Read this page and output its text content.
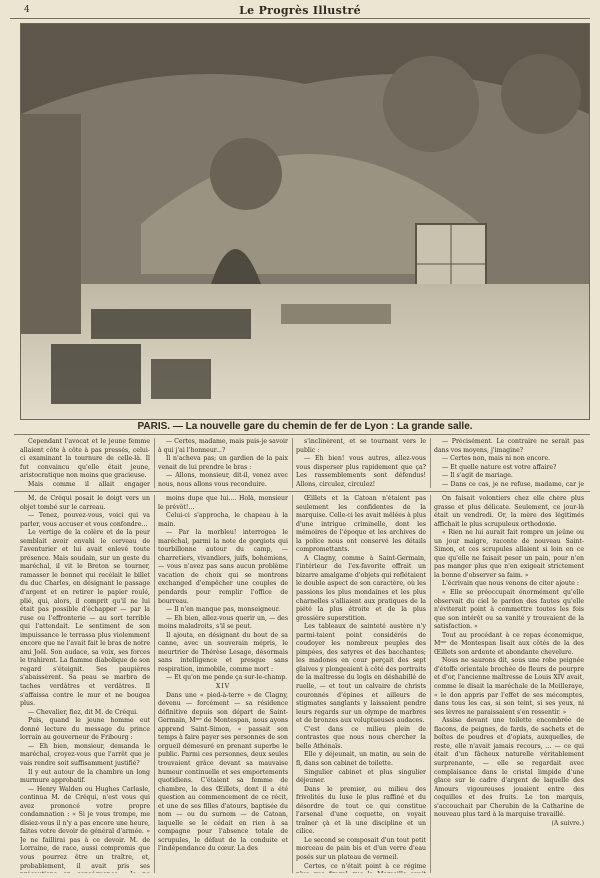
4	Le Progrès Illustré
PARIS. — La nouvelle gare du chemin de fer de Lyon : La grande salle.

Cependant l'avocat et le jeune femme allaient côte à côte à pas pressés, celui-ci examinant la tournure de celle-là. Il fut convaincu qu'elle était jeune, aristocratique non moins que gracieuse.

Mais comme il allait engager

— Certes, madame, mais puis-je savoir à qui j'ai l'honneur...?

Il n'achevа pas; un gardien de la paix venait de lui prendre le bras :

— Allons, monsieur, dit-il, venez avec nous, nous allons vous reconduire.

s'inclinèrent, et se tournant vers le public :

— Eh bien! vous autres, allez-vous vous disperser plus rapidement que ça? Les rassemblements sont défendus! Allons, circulez, circulez!

— Précisément. Le contraire ne serait pas dans vos moyens, j'imagine?

— Certes non, mais ni non encore.

— Et quelle nature est votre affaire?

— Il s'agit de mariage.

— Dans ce cas, je ne refuse, madame, car je

M. de Créqui posait le doigt vers un objet tombé sur le carreau.

— Tenez, pouvez-vous, voici qui va parler, vous accuser et vous confondre...

Le vertige de la colère et de la peur semblait avoir envahi le cerveau de l'aventurier et lui avait enlevé toute présence. Mais soudain, sur un geste du maréchal, il vit le Breton se tourner, ramasser le bonnet qui recélait le billet du duc Charles, en désignant le passage d'argent et en retirer le papier roulé, plié, qui, alors, il comprit qu'il ne lui était pas possible d'échapper — par la ruse ou l'effronterie — au sort terrible qui l'attendait. Le sentiment de son impuissance le terrassa plus violemment encore que ne l'avait fait le bras de notre ami Joël. Son audace, sa voix, ses forces le trahirent. La flamme diabolique de son regard s'éteignit. Ses paupières s'abaissèrent. Sa peau se marbra de taches verdâtres et verdâtres. Il s'affaissa contre le mur et ne bougea plus.

— Chevalier, fiez, dit M. de Créqui.

Puis, quand le jeune homme eut donné lecture du message du prince lorrain au gouverneur de Fribourg :

— Eh bien, monsieur, demanda le maréchal, croyez-vous que l'arrêt que je vais rendre soit suffisamment justifié?

Il y eut autour de la chambre un long murmure approbatif.

— Henry Walden ou Hughes Carlasle, continua M. de Créqui, n'est vous qui avez prononcé votre propre condamnation : « Si je vous trompe, me disiez-vous il n'y a pas encore une heure, faites votre devoir de général d'armée. » Je ne faillirai pas à ce devoir. M. de Lorraine, de race, aussi compromis que vous pourrez être un traître, et, probablement, il avait pris ses

moins dupe que lui.... Holà, monsieur le prévôt!...

Celui-ci s'approcha, le chapeau à la main.

— Par la morbleu! interrogea le maréchal, parmi la note de gorgiots qui tourbillonne autour du camp, —charretiers, vivandiers, juifs, bohémiens, — vous n'avez pas sans aucun problème vacation de choix qui se montrons exchanged d'empêcher une couples de pendards pour remplir l'office de bourreau.

— Il n'en manque pas, monseigneur.

— Eh bien, allez-vous querir un, — des moins maladroits, s'il se peut.

Il ajouta, en désignant du bout de sa canne, avec un souverain mépris, le meurtrier de Thérèse Lesage, désormais sans intelligence et presque sans respiration, immobile, comme mort :

— Et qu'on me pende ça sur-le-champ.

XIV

Dans une « pied-à-terre » de Clagny, devenu — forcément — sa résidence définitive depuis son départ de Saint-Germain, Mᵐᵉ de Montespan, nous ayons apprend Saint-Simon, « passait son temps à faire payer ses personnes de son orgueil démesuré en prenant superbe le public. Parmi ces personnes, deux seules trouvaient grâce devant sa mauvaise humeur continuelle et ses emportements quotidiens. C'étaient sa femme de chambre, la des Œillets, dont il a été question au commencement de ce récit, et une de ses filles d'atours, baptisée du nom — ou du surnom — de Catoan, laquelle se le cédait en rien à sa compagne pour l'absence totale de scrupules, le défaut de la conduite et l'indépendance du cœur. La des

Œillets et la Catoan n'étaient pas seulement les confidentes de la marquise. Celle-ci les avait mêlées à plus d'une intrigue criminelle, dont les mémoires de l'époque et les archives de la police nous ont conservé les détails compromettants.

A Clagny, comme à Saint-Germain, l'intérieur de l'ex-favorite offrait un bizarre amalgame d'objets qui reflétaient le double aspect de son caractère, où les passions les plus mondaines et les plus charnelles s'alliaient aux pratiques de la piété la plus étroite et de la plus grossière superstition.

Les tableaux de sainteté austère n'y parmi-taient point considérés de coudoyer les nombreux peuples des pimpées, des satyres et des bacchantes; les madones en cour perçait des sept glaives y plongeaient à côté des portraits de la maîtresse du logis en déshabillé de ruelle, — et tout un calvaire de christs couronnés d'épines et ailleurs de stigmates sanglants y laissaient pendre leurs regards sur un olympe de marbres et de bronzes aux voluptueuses audaces.

C'est dans ce milieu plein de contrastes que nous nous chercher la belle Athénaïs.

Elle y déjeunait, un matin, au sein de fl, dans son cabinet de toilette.

Singulier cabinet et plus singulier déjeuner.

Dans le premier, au milieu des frivolités du luxe le plus raffiné et du désordre de tout ce qui constitue l'arsenal d'une coquette, on voyait traîner çà et là une discipline et un cilice.

Le second se composait d'un tout petit morceau de pain bis et d'un verre d'eau posés sur un plateau de vermeil.

Certes, ce n'était point à ce régime

On faisait volontiers chez elle chère plus grasse et plus délicate. Seulement, ce jour-là était un vendredi. Or, la mère des légitimés affichait le plus scrupuleux orthodoxie.

« Rien ne lui aurait fait rompre un jeûne ou un jour maigre, raconte de nouveau Saint-Simon, et ces scrupules allaient si loin en ce que qu'elle ne faisait peser un pain, pour n'en pas manger plus que n'en exigeait strictement la bonne d'observer sa faim. »

L'écrivain que nous venons de citer ajoute :

« Elle se préoccupait énormément qu'elle observait du ciel le pardon des fautes qu'elle n'éviterait point à commettre toutes les fois que son intérêt ou sa vanité y trouvaient de la satisfaction. »

Tout au procédant à ce repas économique, Mᵐᵉ de Montespan lisait aux côtés de la des Œillets son ardente et abondante chevelure.

Nous ne saurons dit, sous une robe peignée d'étoffe orientale brochée de fleurs de pourpre et d'or, l'ancienne maîtresse de Louis XIV avait, comme le disait la maréchale de la Meilleraye, « le don appris par l'effet de ses mécomptes, dans tous les cas, si son teint, si ses yeux, ni ses lèvres ne paraissaient s'en ressentir. »

Assise devant une toilette encombrée de flacons, de peignes, de fards, de sachets et de boîtes de poudres et d'opiats, auxquelles, de reste, elle n'avait jamais recours, ... — ce qui était d'un fâcheux naturelle véritablement surprenante, — elle se regardait avec complaisance dans le cristal limpide d'une glace sur le cadre d'argent de laquelle des Amours vigoureuses jouaient entre des coquilles et des fruits. Le ton marquis, s'accouchait par Cherubin de la Catharine de nouveau plus tard à la marquise travaillé.

(A suivre.)
